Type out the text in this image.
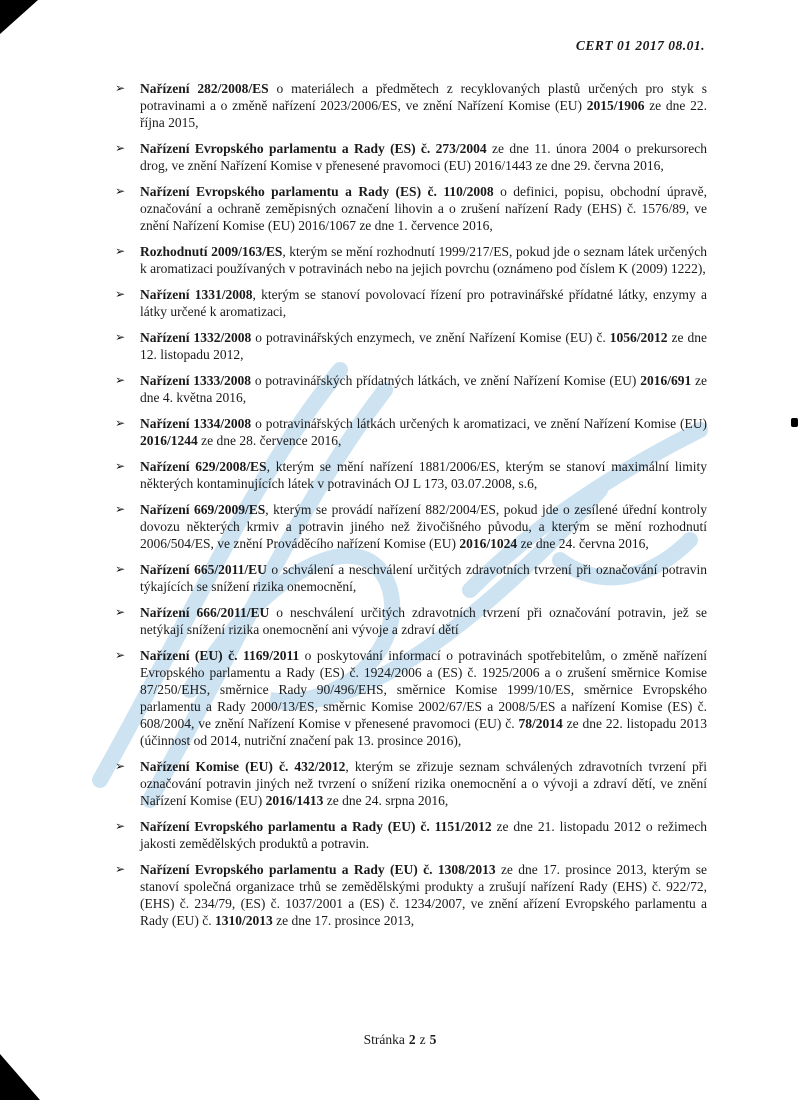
CERT 01 2017 08.01.
➢	Nařízení 282/2008/ES o materiálech a předmětech z recyklovaných plastů určených pro styk s potravinami a o změně nařízení 2023/2006/ES, ve znění Nařízení Komise (EU) 2015/1906 ze dne 22. října 2015,
➢	Nařízení Evropského parlamentu a Rady (ES) č. 273/2004 ze dne 11. února 2004 o prekursorech drog, ve znění Nařízení Komise v přenesené pravomoci (EU) 2016/1443 ze dne 29. června 2016,
➢	Nařízení Evropského parlamentu a Rady (ES) č. 110/2008 o definici, popisu, obchodní úpravě, označování a ochraně zeměpisných označení lihovin a o zrušení nařízení Rady (EHS) č. 1576/89, ve znění Nařízení Komise (EU) 2016/1067 ze dne 1. července 2016,
➢	Rozhodnutí 2009/163/ES, kterým se mění rozhodnutí 1999/217/ES, pokud jde o seznam látek určených k aromatizaci používaných v potravinách nebo na jejich povrchu (oznámeno pod číslem K (2009) 1222),
➢	Nařízení 1331/2008, kterým se stanoví povolovací řízení pro potravinářské přídatné látky, enzymy a látky určené k aromatizaci,
➢	Nařízení 1332/2008 o potravinářských enzymech, ve znění Nařízení Komise (EU) č. 1056/2012 ze dne 12. listopadu 2012,
➢	Nařízení 1333/2008 o potravinářských přídatných látkách, ve znění Nařízení Komise (EU) 2016/691 ze dne 4. května 2016,
➢	Nařízení 1334/2008 o potravinářských látkách určených k aromatizaci, ve znění Nařízení Komise (EU) 2016/1244 ze dne 28. července 2016,
➢	Nařízení 629/2008/ES, kterým se mění nařízení 1881/2006/ES, kterým se stanoví maximální limity některých kontaminujících látek v potravinách OJ L 173, 03.07.2008, s.6,
➢	Nařízení 669/2009/ES, kterým se provádí nařízení 882/2004/ES, pokud jde o zesílené úřední kontroly dovozu některých krmiv a potravin jiného než živočišného původu, a kterým se mění rozhodnutí 2006/504/ES, ve znění Prováděcího nařízení Komise (EU) 2016/1024 ze dne 24. června 2016,
➢	Nařízení 665/2011/EU o schválení a neschválení určitých zdravotních tvrzení při označování potravin týkajících se snížení rizika onemocnění,
➢	Nařízení 666/2011/EU o neschválení určitých zdravotních tvrzení při označování potravin, jež se netýkají snížení rizika onemocnění ani vývoje a zdraví dětí
➢	Nařízení (EU) č. 1169/2011 o poskytování informací o potravinách spotřebitelům, o změně nařízení Evropského parlamentu a Rady (ES) č. 1924/2006 a (ES) č. 1925/2006 a o zrušení směrnice Komise 87/250/EHS, směrnice Rady 90/496/EHS, směrnice Komise 1999/10/ES, směrnice Evropského parlamentu a Rady 2000/13/ES, směrnic Komise 2002/67/ES a 2008/5/ES a nařízení Komise (ES) č. 608/2004, ve znění Nařízení Komise v přenesené pravomoci (EU) č. 78/2014 ze dne 22. listopadu 2013 (účinnost od 2014, nutriční značení pak 13. prosince 2016),
➢	Nařízení Komise (EU) č. 432/2012, kterým se zřizuje seznam schválených zdravotních tvrzení při označování potravin jiných než tvrzení o snížení rizika onemocnění a o vývoji a zdraví dětí, ve znění Nařízení Komise (EU) 2016/1413 ze dne 24. srpna 2016,
➢	Nařízení Evropského parlamentu a Rady (EU) č. 1151/2012 ze dne 21. listopadu 2012 o režimech jakosti zemědělských produktů a potravin.
➢	Nařízení Evropského parlamentu a Rady (EU) č. 1308/2013 ze dne 17. prosince 2013, kterým se stanoví společná organizace trhů se zemědělskými produkty a zrušují nařízení Rady (EHS) č. 922/72, (EHS) č. 234/79, (ES) č. 1037/2001 a (ES) č. 1234/2007, ve znění ařízení Evropského parlamentu a Rady (EU) č. 1310/2013 ze dne 17. prosince 2013,
Stránka 2 z 5
